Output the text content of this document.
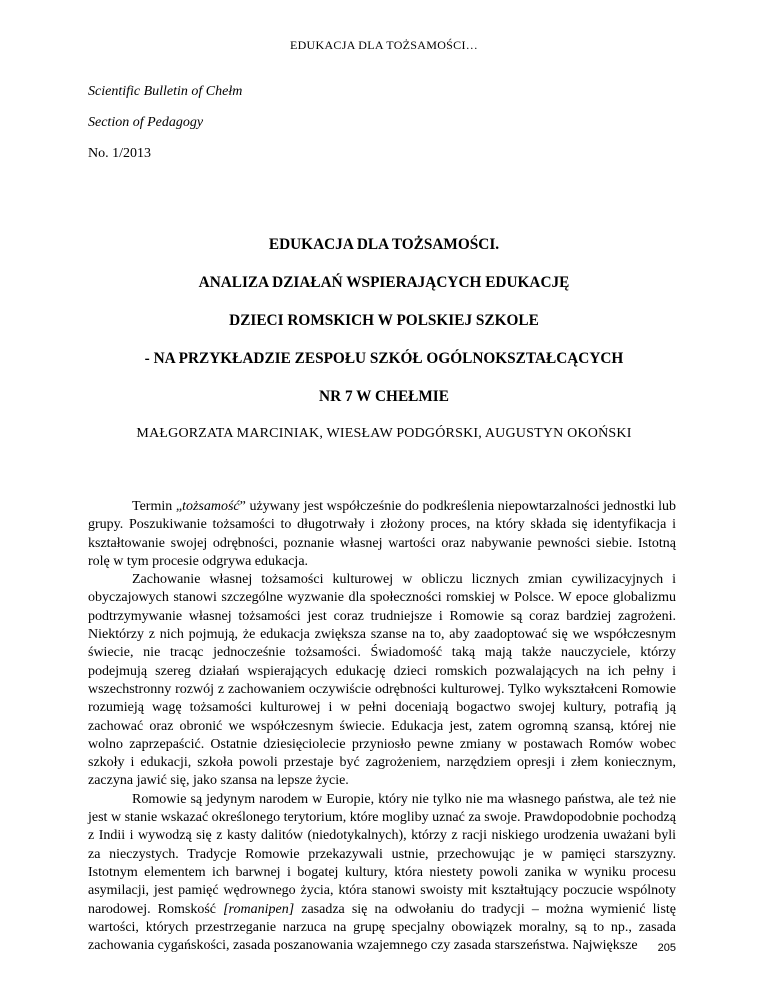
EDUKACJA DLA TOŻSAMOŚCI…
Scientific Bulletin of Chełm
Section of Pedagogy
No. 1/2013
EDUKACJA DLA TOŻSAMOŚCI.
ANALIZA DZIAŁAŃ WSPIERAJĄCYCH EDUKACJĘ
DZIECI ROMSKICH W POLSKIEJ SZKOLE
- NA PRZYKŁADZIE ZESPOŁU SZKÓŁ OGÓLNOKSZTAŁCĄCYCH
NR 7 W CHEŁMIE
MAŁGORZATA MARCINIAK, WIESŁAW PODGÓRSKI, AUGUSTYN OKOŃSKI

Termin „tożsamość” używany jest współcześnie do podkreślenia niepowtarzalności jednostki lub grupy. Poszukiwanie tożsamości to długotrwały i złożony proces, na który składa się identyfikacja i kształtowanie swojej odrębności, poznanie własnej wartości oraz nabywanie pewności siebie. Istotną rolę w tym procesie odgrywa edukacja.

Zachowanie własnej tożsamości kulturowej w obliczu licznych zmian cywilizacyjnych i obyczajowych stanowi szczególne wyzwanie dla społeczności romskiej w Polsce. W epoce globalizmu podtrzymywanie własnej tożsamości jest coraz trudniejsze i Romowie są coraz bardziej zagrożeni. Niektórzy z nich pojmują, że edukacja zwiększa szanse na to, aby zaadoptować się we współczesnym świecie, nie tracąc jednocześnie tożsamości. Świadomość taką mają także nauczyciele, którzy podejmują szereg działań wspierających edukację dzieci romskich pozwalających na ich pełny i wszechstronny rozwój z zachowaniem oczywiście odrębności kulturowej. Tylko wykształceni Romowie rozumieją wagę tożsamości kulturowej i w pełni doceniają bogactwo swojej kultury, potrafią ją zachować oraz obronić we współczesnym świecie. Edukacja jest, zatem ogromną szansą, której nie wolno zaprzepaścić. Ostatnie dziesięciolecie przyniosło pewne zmiany w postawach Romów wobec szkoły i edukacji, szkoła powoli przestaje być zagrożeniem, narzędziem opresji i złem koniecznym, zaczyna jawić się, jako szansa na lepsze życie.

Romowie są jedynym narodem w Europie, który nie tylko nie ma własnego państwa, ale też nie jest w stanie wskazać określonego terytorium, które mogliby uznać za swoje. Prawdopodobnie pochodzą z Indii i wywodzą się z kasty dalitów (niedotykalnych), którzy z racji niskiego urodzenia uważani byli za nieczystych. Tradycje Romowie przekazywali ustnie, przechowując je w pamięci starszyzny. Istotnym elementem ich barwnej i bogatej kultury, która niestety powoli zanika w wyniku procesu asymilacji, jest pamięć wędrownego życia, która stanowi swoisty mit kształtujący poczucie wspólnoty narodowej. Romskość [romanipen] zasadza się na odwołaniu do tradycji – można wymienić listę wartości, których przestrzeganie narzuca na grupę specjalny obowiązek moralny, są to np., zasada zachowania cygańskości, zasada poszanowania wzajemnego czy zasada starszeństwa. Największe	205
